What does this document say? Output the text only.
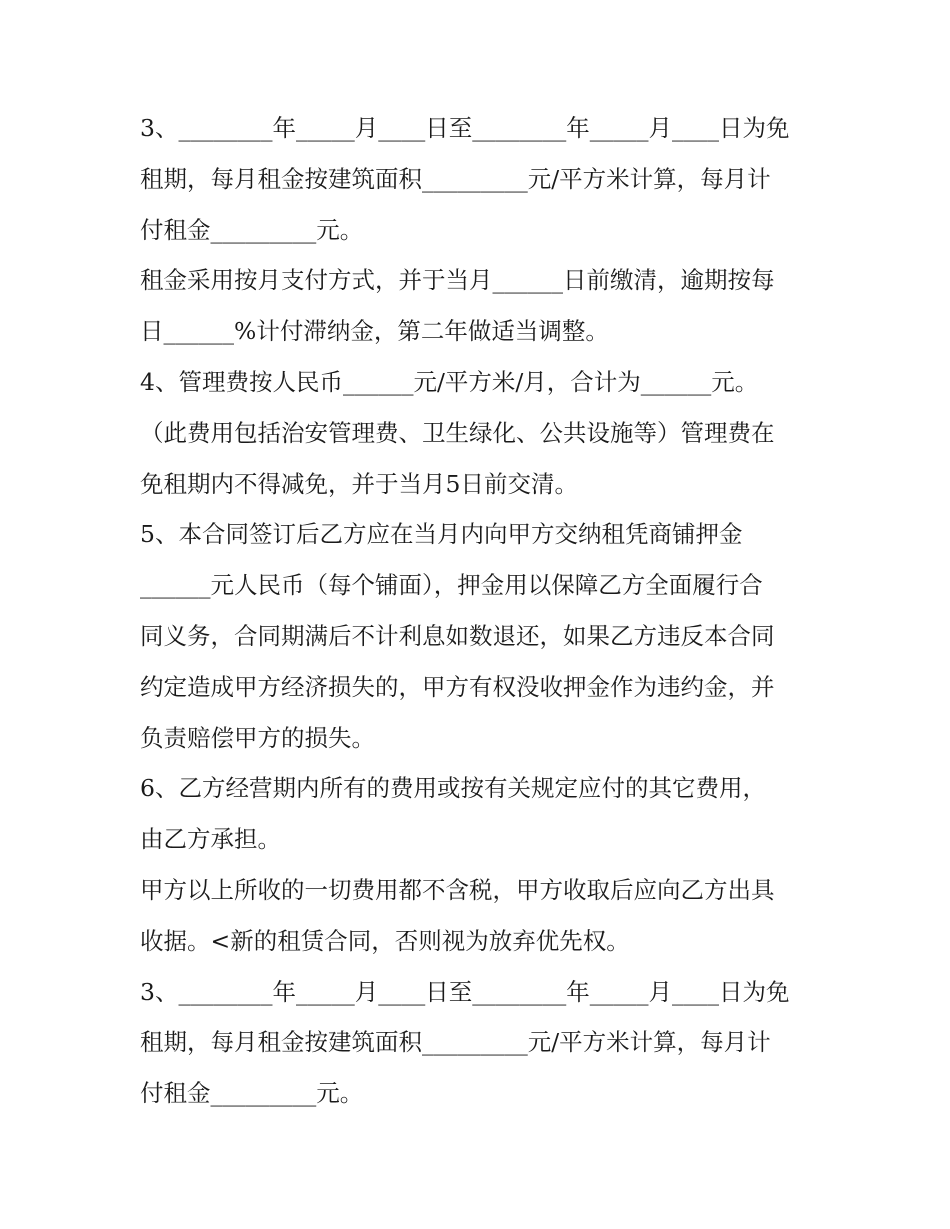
3、________年_____月____日至________年_____月____日为免
租期，每月租金按建筑面积_________元/平方米计算，每月计
付租金_________元。
租金采用按月支付方式，并于当月______日前缴清，逾期按每
日______%计付滞纳金，第二年做适当调整。
4、管理费按人民币______元/平方米/月，合计为______元。
（此费用包括治安管理费、卫生绿化、公共设施等）管理费在
免租期内不得减免，并于当月5日前交清。
5、本合同签订后乙方应在当月内向甲方交纳租凭商铺押金
______元人民币（每个铺面），押金用以保障乙方全面履行合
同义务，合同期满后不计利息如数退还，如果乙方违反本合同
约定造成甲方经济损失的，甲方有权没收押金作为违约金，并
负责赔偿甲方的损失。
6、乙方经营期内所有的费用或按有关规定应付的其它费用，
由乙方承担。
甲方以上所收的一切费用都不含税，甲方收取后应向乙方出具
收据。<新的租赁合同，否则视为放弃优先权。
3、________年_____月____日至________年_____月____日为免
租期，每月租金按建筑面积_________元/平方米计算，每月计
付租金_________元。
